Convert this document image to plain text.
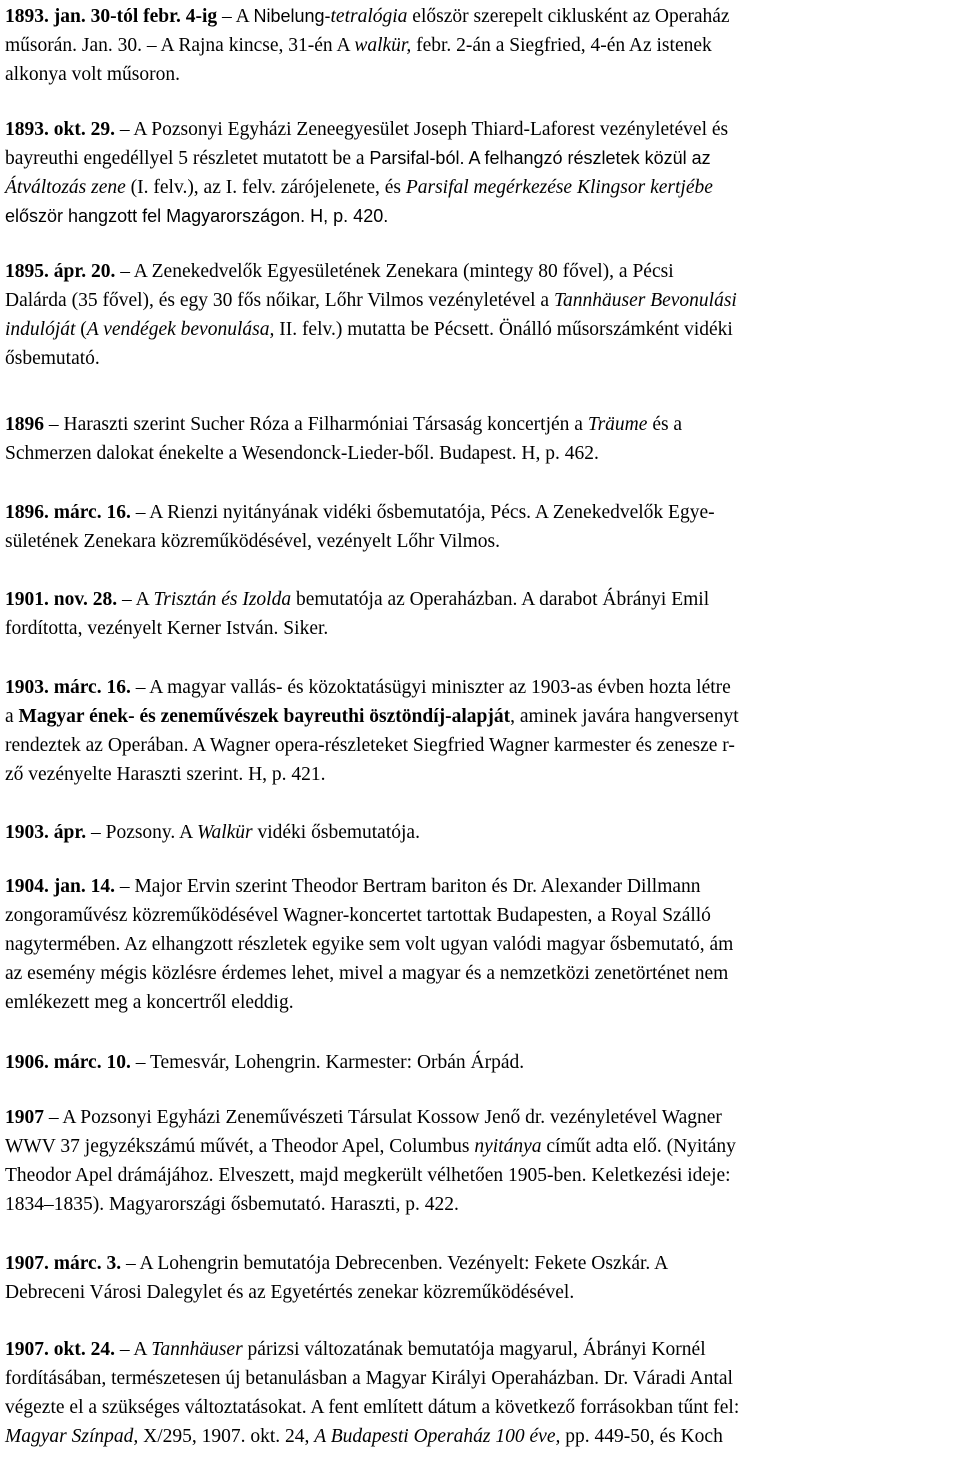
1893. jan. 30-tól febr. 4-ig – A Nibelung-tetralógia először szerepelt ciklusként az Operaház
műsorán. Jan. 30. – A Rajna kincse, 31-én A walkür, febr. 2-án a Siegfried, 4-én Az istenek
alkonya volt műsoron.
1893. okt. 29. – A Pozsonyi Egyházi Zeneegyesület Joseph Thiard-Laforest vezényletével és
bayreuthi engedéllyel 5 részletet mutatott be a Parsifal-ból. A felhangzó részletek közül az
Átváltozás zene (I. felv.), az I. felv. zárójelenete, és Parsifal megérkezése Klingsor kertjébe
először hangzott fel Magyarországon. H, p. 420.
1895. ápr. 20. – A Zenekedvelők Egyesületének Zenekara (mintegy 80 fővel), a Pécsi
Dalárda (35 fővel), és egy 30 fős nőikar, Lőhr Vilmos vezényletével a Tannhäuser Bevonulási
indulóját (A vendégek bevonulása, II. felv.) mutatta be Pécsett. Önálló műsorszámként vidéki
ősbemutató.
1896 – Haraszti szerint Sucher Róza a Filharmóniai Társaság koncertjén a Träume és a
Schmerzen dalokat énekelte a Wesendonck-Lieder-ből. Budapest. H, p. 462.
1896. márc. 16. – A Rienzi nyitányának vidéki ősbemutatója, Pécs. A Zenekedvelők Egye-
sületének Zenekara közreműködésével, vezényelt Lőhr Vilmos.
1901. nov. 28. – A Trisztán és Izolda bemutatója az Operaházban. A darabot Ábrányi Emil
fordította, vezényelt Kerner István. Siker.
1903. márc. 16. – A magyar vallás- és közoktatásügyi miniszter az 1903-as évben hozta létre
a Magyar ének- és zeneművészek bayreuthi ösztöndíj-alapját, aminek javára hangversenyt
rendeztek az Operában. A Wagner opera-részleteket Siegfried Wagner karmester és zenesze r-
ző vezényelte Haraszti szerint. H, p. 421.
1903. ápr. – Pozsony. A Walkür vidéki ősbemutatója.
1904. jan. 14. – Major Ervin szerint Theodor Bertram bariton és Dr. Alexander Dillmann
zongoraművész közreműködésével Wagner-koncertet tartottak Budapesten, a Royal Szálló
nagytermében. Az elhangzott részletek egyike sem volt ugyan valódi magyar ősbemutató, ám
az esemény mégis közlésre érdemes lehet, mivel a magyar és a nemzetközi zenetörténet nem
emlékezett meg a koncertről eleddig.
1906. márc. 10. – Temesvár, Lohengrin. Karmester: Orbán Árpád.
1907 – A Pozsonyi Egyházi Zeneművészeti Társulat Kossow Jenő dr. vezényletével Wagner
WWV 37 jegyzékszámú művét, a Theodor Apel, Columbus nyitánya címűt adta elő. (Nyitány
Theodor Apel drámájához. Elveszett, majd megkerült vélhetően 1905-ben. Keletkezési ideje:
1834–1835). Magyarországi ősbemutató. Haraszti, p. 422.
1907. márc. 3. – A Lohengrin bemutatója Debrecenben. Vezényelt: Fekete Oszkár. A
Debreceni Városi Dalegylet és az Egyetértés zenekar közreműködésével.
1907. okt. 24. – A Tannhäuser párizsi változatának bemutatója magyarul, Ábrányi Kornél
fordításában, természetesen új betanulásban a Magyar Királyi Operaházban. Dr. Váradi Antal
végezte el a szükséges változtatásokat. A fent említett dátum a következő forrásokban tűnt fel:
Magyar Színpad, X/295, 1907. okt. 24, A Budapesti Operaház 100 éve, pp. 449-50, és Koch
